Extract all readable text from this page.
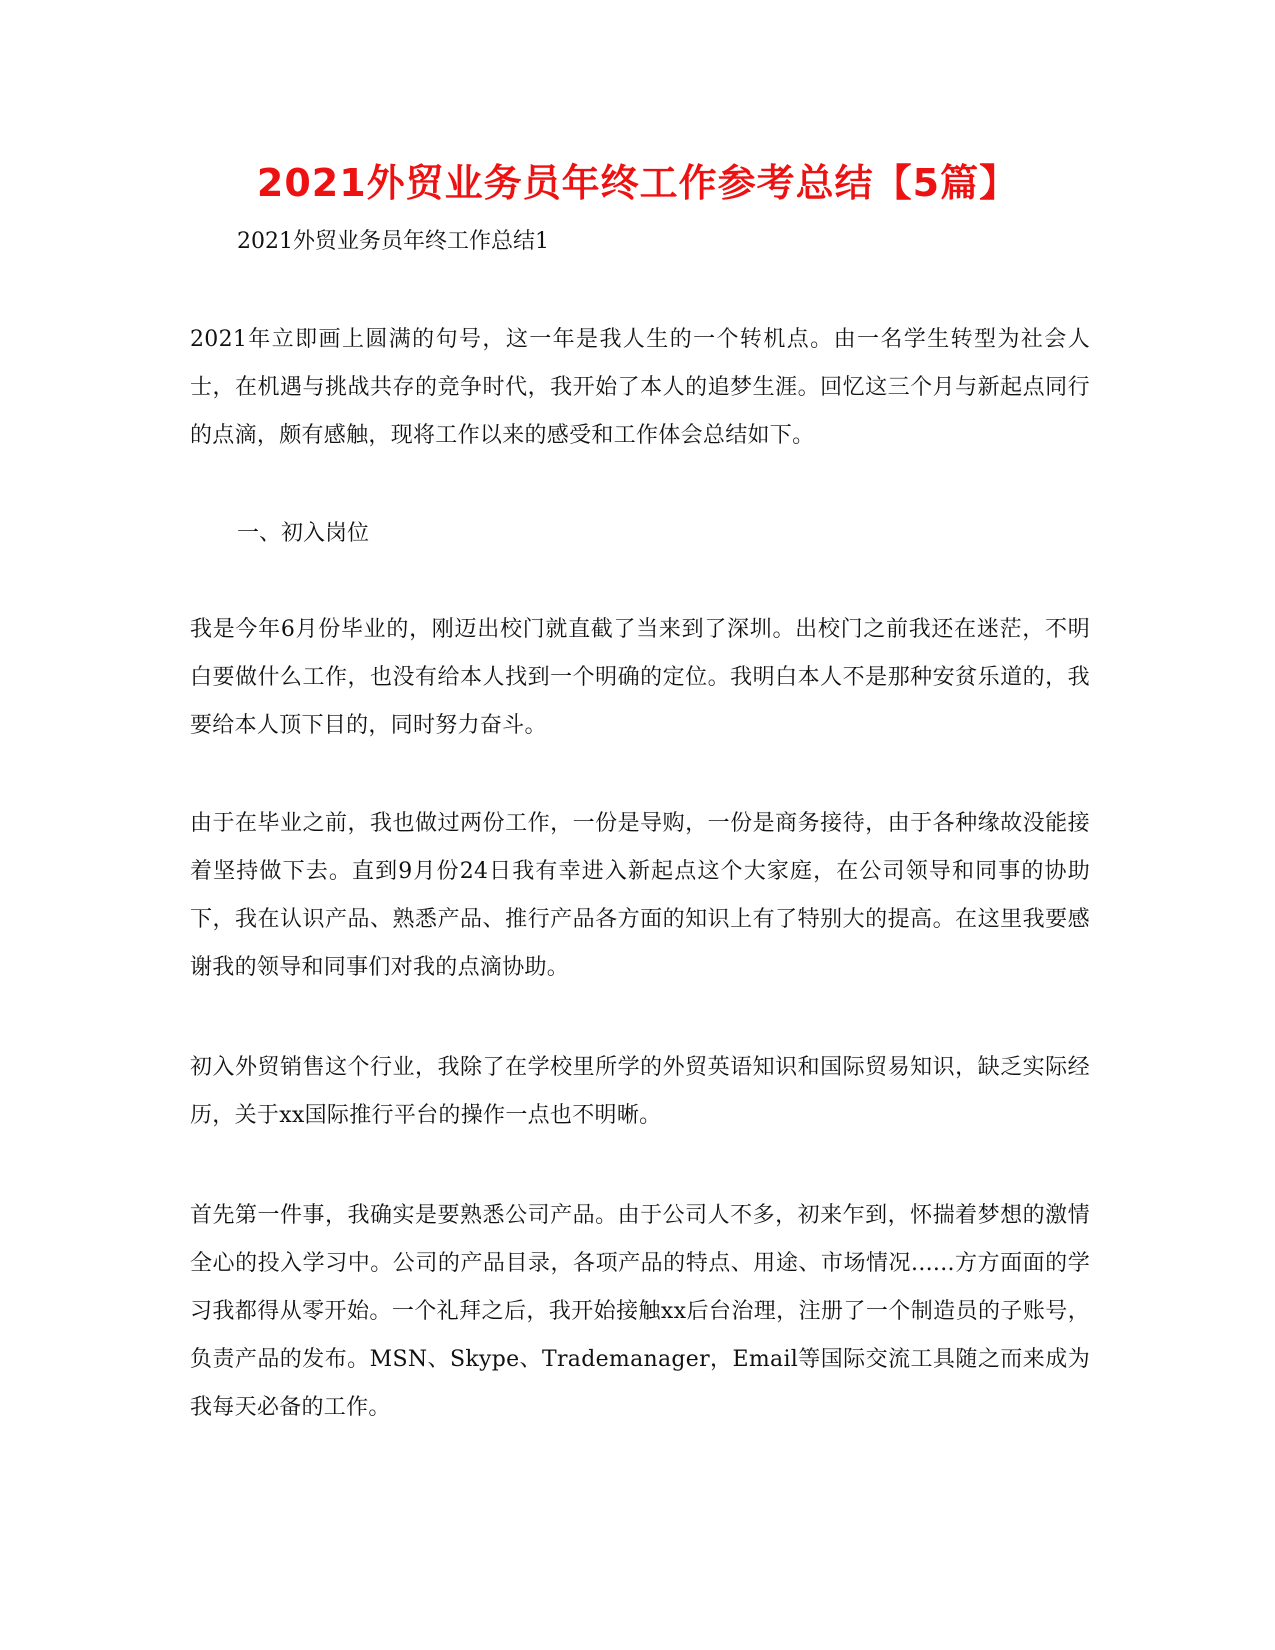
2021外贸业务员年终工作参考总结【5篇】
2021外贸业务员年终工作总结1
2021年立即画上圆满的句号，这一年是我人生的一个转机点。由一名学生转型为社会人士，在机遇与挑战共存的竞争时代，我开始了本人的追梦生涯。回忆这三个月与新起点同行的点滴，颇有感触，现将工作以来的感受和工作体会总结如下。
一、初入岗位
我是今年6月份毕业的，刚迈出校门就直截了当来到了深圳。出校门之前我还在迷茫，不明白要做什么工作，也没有给本人找到一个明确的定位。我明白本人不是那种安贫乐道的，我要给本人顶下目的，同时努力奋斗。
由于在毕业之前，我也做过两份工作，一份是导购，一份是商务接待，由于各种缘故没能接着坚持做下去。直到9月份24日我有幸进入新起点这个大家庭，在公司领导和同事的协助下，我在认识产品、熟悉产品、推行产品各方面的知识上有了特别大的提高。在这里我要感谢我的领导和同事们对我的点滴协助。
初入外贸销售这个行业，我除了在学校里所学的外贸英语知识和国际贸易知识，缺乏实际经历，关于xx国际推行平台的操作一点也不明晰。
首先第一件事，我确实是要熟悉公司产品。由于公司人不多，初来乍到，怀揣着梦想的激情全心的投入学习中。公司的产品目录，各项产品的特点、用途、市场情况......方方面面的学习我都得从零开始。一个礼拜之后，我开始接触xx后台治理，注册了一个制造员的子账号，负责产品的发布。MSN、Skype、Trademanager，Email等国际交流工具随之而来成为我每天必备的工作。
